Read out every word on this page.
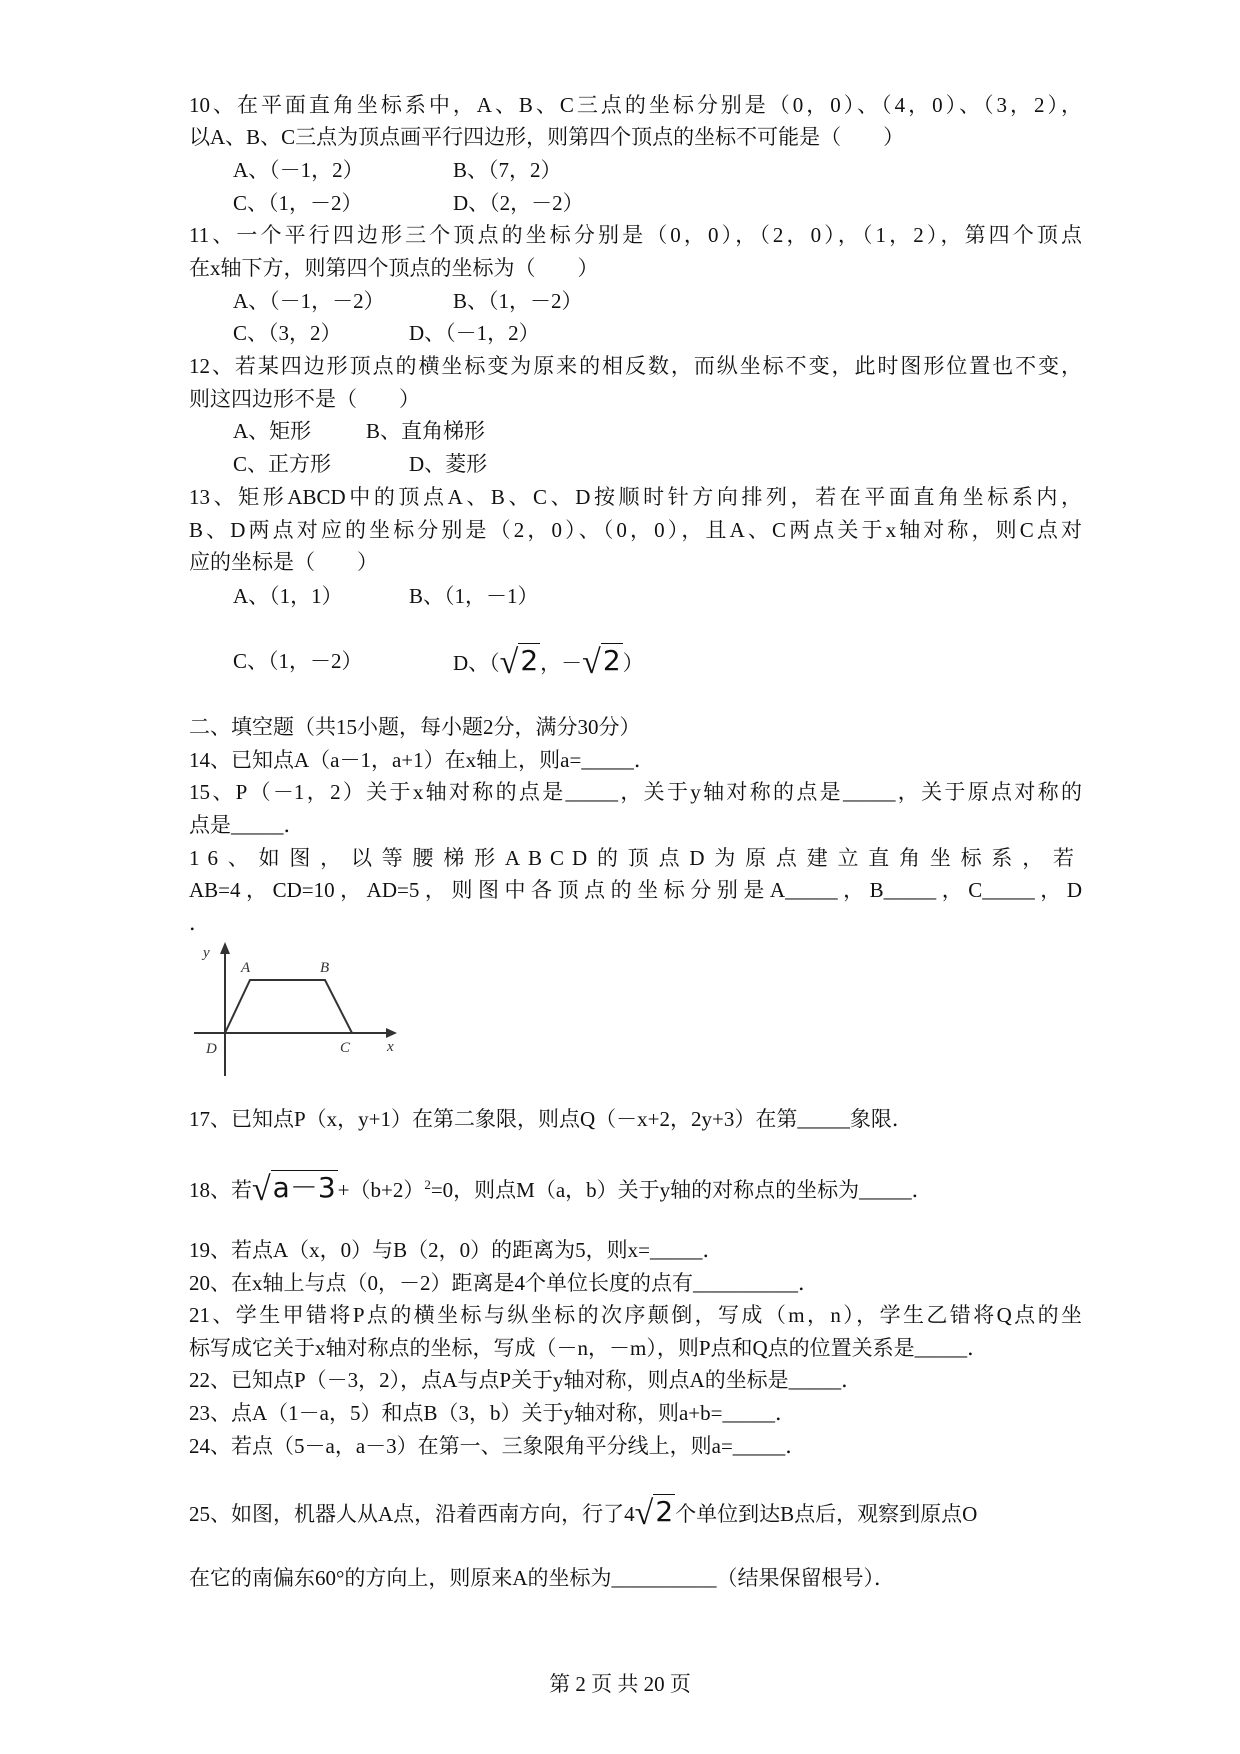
10、在平面直角坐标系中，A、B、C三点的坐标分别是（0，0）、（4，0）、（3，2），
以A、B、C三点为顶点画平行四边形，则第四个顶点的坐标不可能是（　　）
A、（－1，2）	B、（7，2）
C、（1，－2）	D、（2，－2）
11、一个平行四边形三个顶点的坐标分别是（0，0），（2，0），（1，2），第四个顶点
在x轴下方，则第四个顶点的坐标为（　　）
A、（－1，－2）	B、（1，－2）
C、（3，2）	D、（－1，2）
12、若某四边形顶点的横坐标变为原来的相反数，而纵坐标不变，此时图形位置也不变，
则这四边形不是（　　）
A、矩形	B、直角梯形
C、正方形	D、菱形
13、矩形ABCD中的顶点A、B、C、D按顺时针方向排列，若在平面直角坐标系内，
B、D两点对应的坐标分别是（2，0）、（0，0），且A、C两点关于x轴对称，则C点对
应的坐标是（　　）
A、（1，1）	B、（1，－1）
C、（1，－2）	D、（√2，－√2）
二、填空题（共15小题，每小题2分，满分30分）
14、已知点A（a－1，a+1）在x轴上，则a=_____．
15、P（－1，2）关于x轴对称的点是_____，关于y轴对称的点是_____，关于原点对称的
点是_____．
16、如图，以等腰梯形ABCD的顶点D为原点建立直角坐标系，若
AB=4，CD=10，AD=5，则图中各顶点的坐标分别是A_____，B_____，C_____，D
．
y
x
A	B
C
D
17、已知点P（x，y+1）在第二象限，则点Q（－x+2，2y+3）在第_____象限．
18、若$√a-3+(b+2)^2=0$，则点M（a，b）关于y轴的对称点的坐标为_____．
19、若点A（x，0）与B（2，0）的距离为5，则x=_____．
20、在x轴上与点（0，－2）距离是4个单位长度的点有__________．
21、学生甲错将P点的横坐标与纵坐标的次序颠倒，写成（m，n），学生乙错将Q点的坐
标写成它关于x轴对称点的坐标，写成（－n，－m），则P点和Q点的位置关系是_____．
22、已知点P（－3，2），点A与点P关于y轴对称，则点A的坐标是_____．
23、点A（1－a，5）和点B（3，b）关于y轴对称，则a+b=_____．
24、若点（5－a，a－3）在第一、三象限角平分线上，则a=_____．
25、如图，机器人从A点，沿着西南方向，行了4√2个单位到达B点后，观察到原点O
在它的南偏东60°的方向上，则原来A的坐标为__________（结果保留根号）．
第 2 页 共 20 页
